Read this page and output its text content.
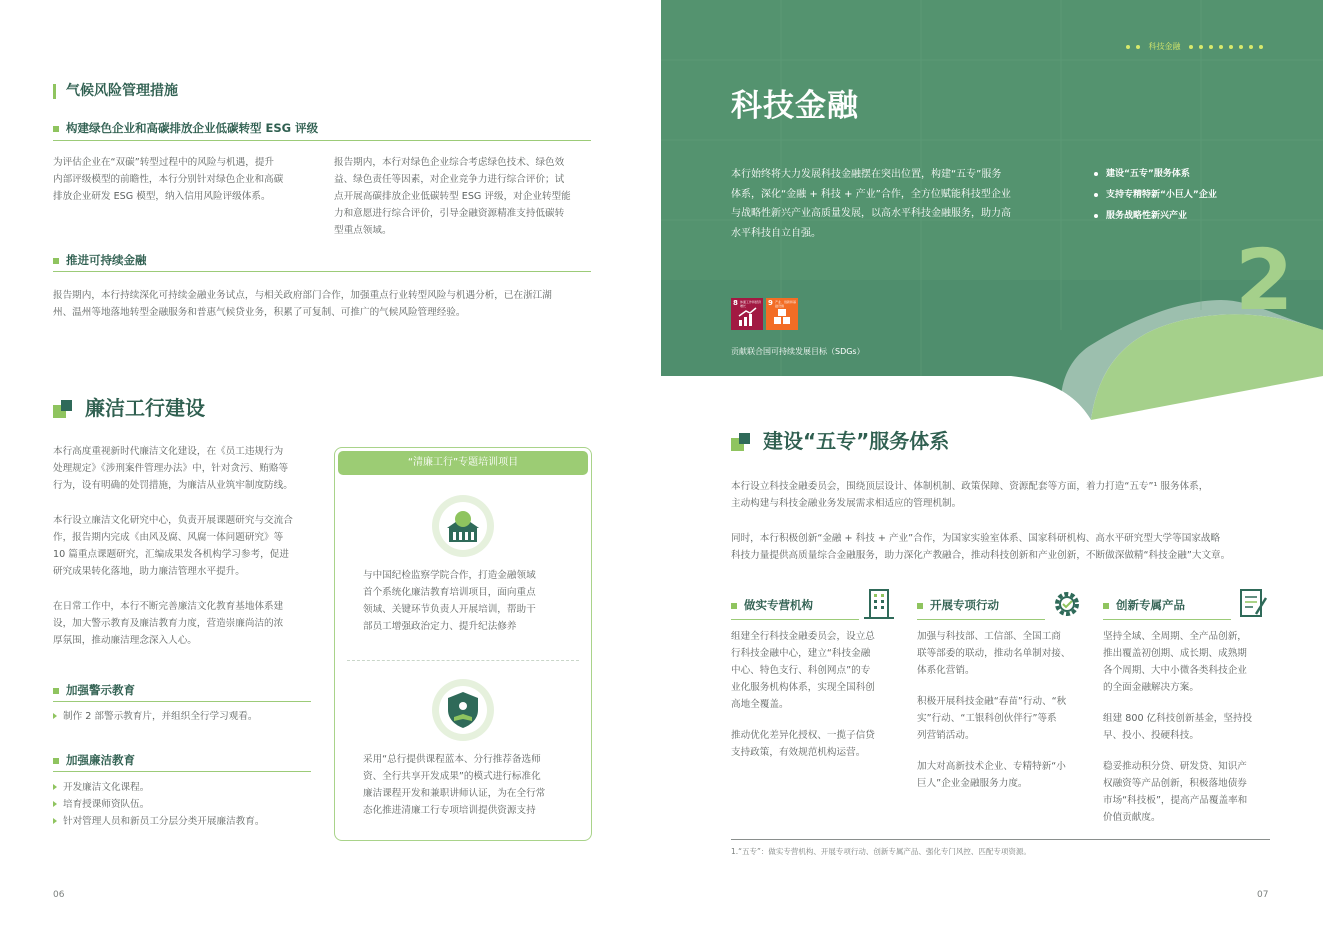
气候风险管理措施
构建绿色企业和高碳排放企业低碳转型 ESG 评级
为评估企业在“双碳”转型过程中的风险与机遇，提升
内部评级模型的前瞻性，本行分别针对绿色企业和高碳
排放企业研发 ESG 模型，纳入信用风险评级体系。
报告期内，本行对绿色企业综合考虑绿色技术、绿色效
益、绿色责任等因素，对企业竞争力进行综合评价；试
点开展高碳排放企业低碳转型 ESG 评级，对企业转型能
力和意愿进行综合评价，引导金融资源精准支持低碳转
型重点领域。
推进可持续金融
报告期内，本行持续深化可持续金融业务试点，与相关政府部门合作，加强重点行业转型风险与机遇分析，已在浙江湖
州、温州等地落地转型金融服务和普惠气候贷业务，积累了可复制、可推广的气候风险管理经验。
廉洁工行建设
本行高度重视新时代廉洁文化建设，在《员工违规行为
处理规定》《涉刑案件管理办法》中，针对贪污、贿赂等
行为，设有明确的处罚措施，为廉洁从业筑牢制度防线。
本行设立廉洁文化研究中心，负责开展课题研究与交流合
作，报告期内完成《由风及腐、风腐一体问题研究》等
10 篇重点课题研究，汇编成果发各机构学习参考，促进
研究成果转化落地，助力廉洁管理水平提升。
在日常工作中，本行不断完善廉洁文化教育基地体系建
设，加大警示教育及廉洁教育力度，营造崇廉尚洁的浓
厚氛围，推动廉洁理念深入人心。
加强警示教育
制作 2 部警示教育片，并组织全行学习观看。
加强廉洁教育
开发廉洁文化课程。
培育授课师资队伍。
针对管理人员和新员工分层分类开展廉洁教育。
“清廉工行”专题培训项目
与中国纪检监察学院合作，打造金融领域
首个系统化廉洁教育培训项目，面向重点
领域、关键环节负责人开展培训，帮助干
部员工增强政治定力、提升纪法修养
采用“总行提供课程蓝本、分行推荐备选师
资、全行共享开发成果”的模式进行标准化
廉洁课程开发和兼职讲师认证，为在全行常
态化推进清廉工行专项培训提供资源支持
06
科技金融
科技金融
本行始终将大力发展科技金融摆在突出位置，构建“五专”服务
体系，深化“金融 + 科技 + 产业”合作，全方位赋能科技型企业
与战略性新兴产业高质量发展，以高水平科技金融服务，助力高
水平科技自立自强。
建设“五专”服务体系
支持专精特新“小巨人”企业
服务战略性新兴产业
2
8 体面工作和经济增长	9 产业、创新和基础设施
贡献联合国可持续发展目标（SDGs）
建设“五专”服务体系
本行设立科技金融委员会，围绕顶层设计、体制机制、政策保障、资源配套等方面，着力打造“五专”¹ 服务体系，
主动构建与科技金融业务发展需求相适应的管理机制。
同时，本行积极创新“金融 + 科技 + 产业”合作，为国家实验室体系、国家科研机构、高水平研究型大学等国家战略
科技力量提供高质量综合金融服务，助力深化产教融合，推动科技创新和产业创新，不断做深做精“科技金融”大文章。
做实专营机构
组建全行科技金融委员会，设立总
行科技金融中心，建立“科技金融
中心、特色支行、科创网点”的专
业化服务机构体系，实现全国科创
高地全覆盖。
推动优化差异化授权、一揽子信贷
支持政策，有效规范机构运营。
开展专项行动
加强与科技部、工信部、全国工商
联等部委的联动，推动名单制对接、
体系化营销。
积极开展科技金融“春苗”行动、“秋
实”行动、“工银科创伙伴行”等系
列营销活动。
加大对高新技术企业、专精特新“小
巨人”企业金融服务力度。
创新专属产品
坚持全域、全周期、全产品创新，
推出覆盖初创期、成长期、成熟期
各个周期、大中小微各类科技企业
的全面金融解决方案。
组建 800 亿科技创新基金，坚持投
早、投小、投硬科技。
稳妥推动积分贷、研发贷、知识产
权融资等产品创新，积极落地债券
市场“科技板”，提高产品覆盖率和
价值贡献度。
1.“五专”：做实专营机构、开展专项行动、创新专属产品、强化专门风控、匹配专项资源。
07
